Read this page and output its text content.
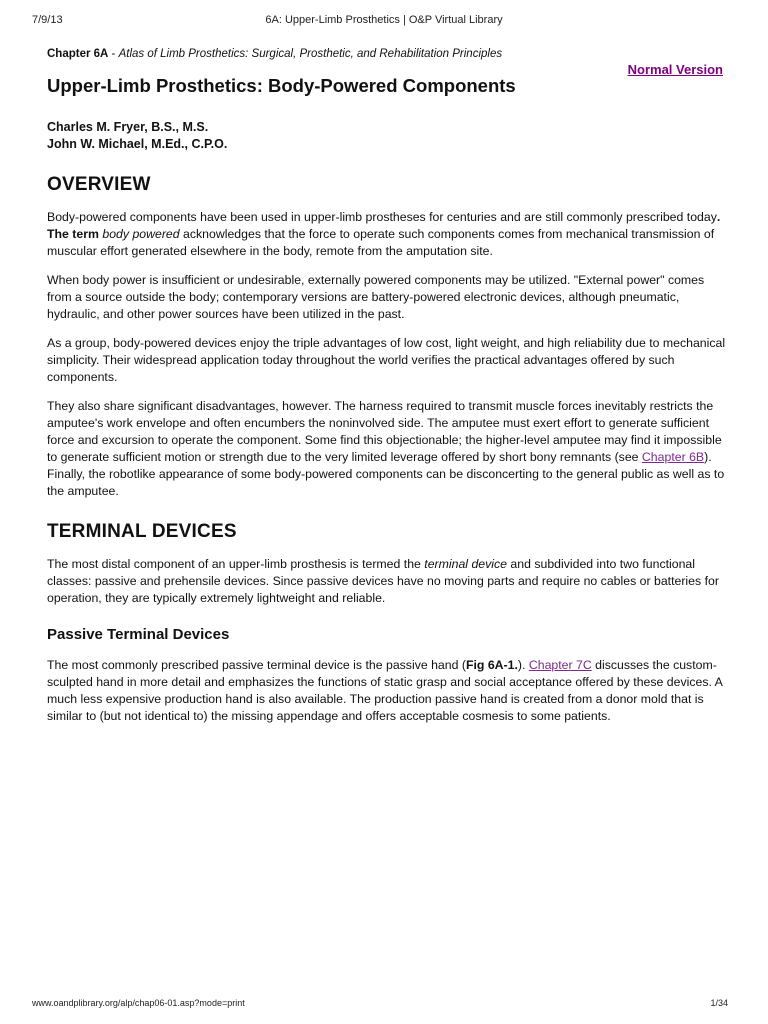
7/9/13	6A: Upper-Limb Prosthetics | O&P Virtual Library
Normal Version

Chapter 6A - Atlas of Limb Prosthetics: Surgical, Prosthetic, and Rehabilitation Principles

Upper-Limb Prosthetics: Body-Powered Components
Charles M. Fryer, B.S., M.S.
John W. Michael, M.Ed., C.P.O.
OVERVIEW

Body-powered components have been used in upper-limb prostheses for centuries and are still commonly prescribed today. The term body powered acknowledges that the force to operate such components comes from mechanical transmission of muscular effort generated elsewhere in the body, remote from the amputation site.

When body power is insufficient or undesirable, externally powered components may be utilized. "External power" comes from a source outside the body; contemporary versions are battery-powered electronic devices, although pneumatic, hydraulic, and other power sources have been utilized in the past.

As a group, body-powered devices enjoy the triple advantages of low cost, light weight, and high reliability due to mechanical simplicity. Their widespread application today throughout the world verifies the practical advantages offered by such components.

They also share significant disadvantages, however. The harness required to transmit muscle forces inevitably restricts the amputee's work envelope and often encumbers the noninvolved side. The amputee must exert effort to generate sufficient force and excursion to operate the component. Some find this objectionable; the higher-level amputee may find it impossible to generate sufficient motion or strength due to the very limited leverage offered by short bony remnants (see Chapter 6B). Finally, the robotlike appearance of some body-powered components can be disconcerting to the general public as well as to the amputee.

TERMINAL DEVICES

The most distal component of an upper-limb prosthesis is termed the terminal device and subdivided into two functional classes: passive and prehensile devices. Since passive devices have no moving parts and require no cables or batteries for operation, they are typically extremely lightweight and reliable.

Passive Terminal Devices

The most commonly prescribed passive terminal device is the passive hand (Fig 6A-1.). Chapter 7C discusses the custom-sculpted hand in more detail and emphasizes the functions of static grasp and social acceptance offered by these devices. A much less expensive production hand is also available. The production passive hand is created from a donor mold that is similar to (but not identical to) the missing appendage and offers acceptable cosmesis to some patients.

www.oandplibrary.org/alp/chap06-01.asp?mode=print	1/34
